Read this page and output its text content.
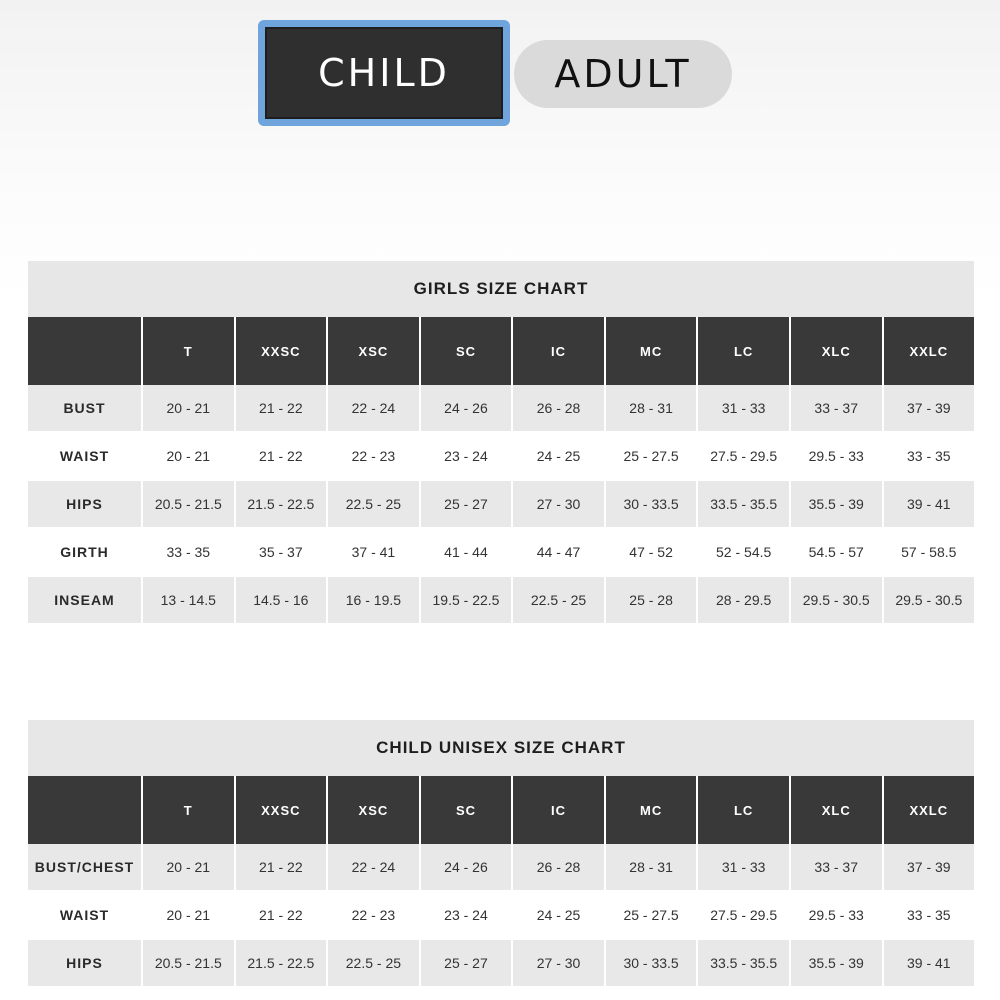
CHILD	ADULT
GIRLS SIZE CHART
T	XXSC	XSC	SC	IC	MC	LC	XLC	XXLC
BUST	20 - 21	21 - 22	22 - 24	24 - 26	26 - 28	28 - 31	31 - 33	33 - 37	37 - 39
WAIST	20 - 21	21 - 22	22 - 23	23 - 24	24 - 25	25 - 27.5	27.5 - 29.5	29.5 - 33	33 - 35
HIPS	20.5 - 21.5	21.5 - 22.5	22.5 - 25	25 - 27	27 - 30	30 - 33.5	33.5 - 35.5	35.5 - 39	39 - 41
GIRTH	33 - 35	35 - 37	37 - 41	41 - 44	44 - 47	47 - 52	52 - 54.5	54.5 - 57	57 - 58.5
INSEAM	13 - 14.5	14.5 - 16	16 - 19.5	19.5 - 22.5	22.5 - 25	25 - 28	28 - 29.5	29.5 - 30.5	29.5 - 30.5
CHILD UNISEX SIZE CHART
T	XXSC	XSC	SC	IC	MC	LC	XLC	XXLC
BUST/CHEST	20 - 21	21 - 22	22 - 24	24 - 26	26 - 28	28 - 31	31 - 33	33 - 37	37 - 39
WAIST	20 - 21	21 - 22	22 - 23	23 - 24	24 - 25	25 - 27.5	27.5 - 29.5	29.5 - 33	33 - 35
HIPS	20.5 - 21.5	21.5 - 22.5	22.5 - 25	25 - 27	27 - 30	30 - 33.5	33.5 - 35.5	35.5 - 39	39 - 41
